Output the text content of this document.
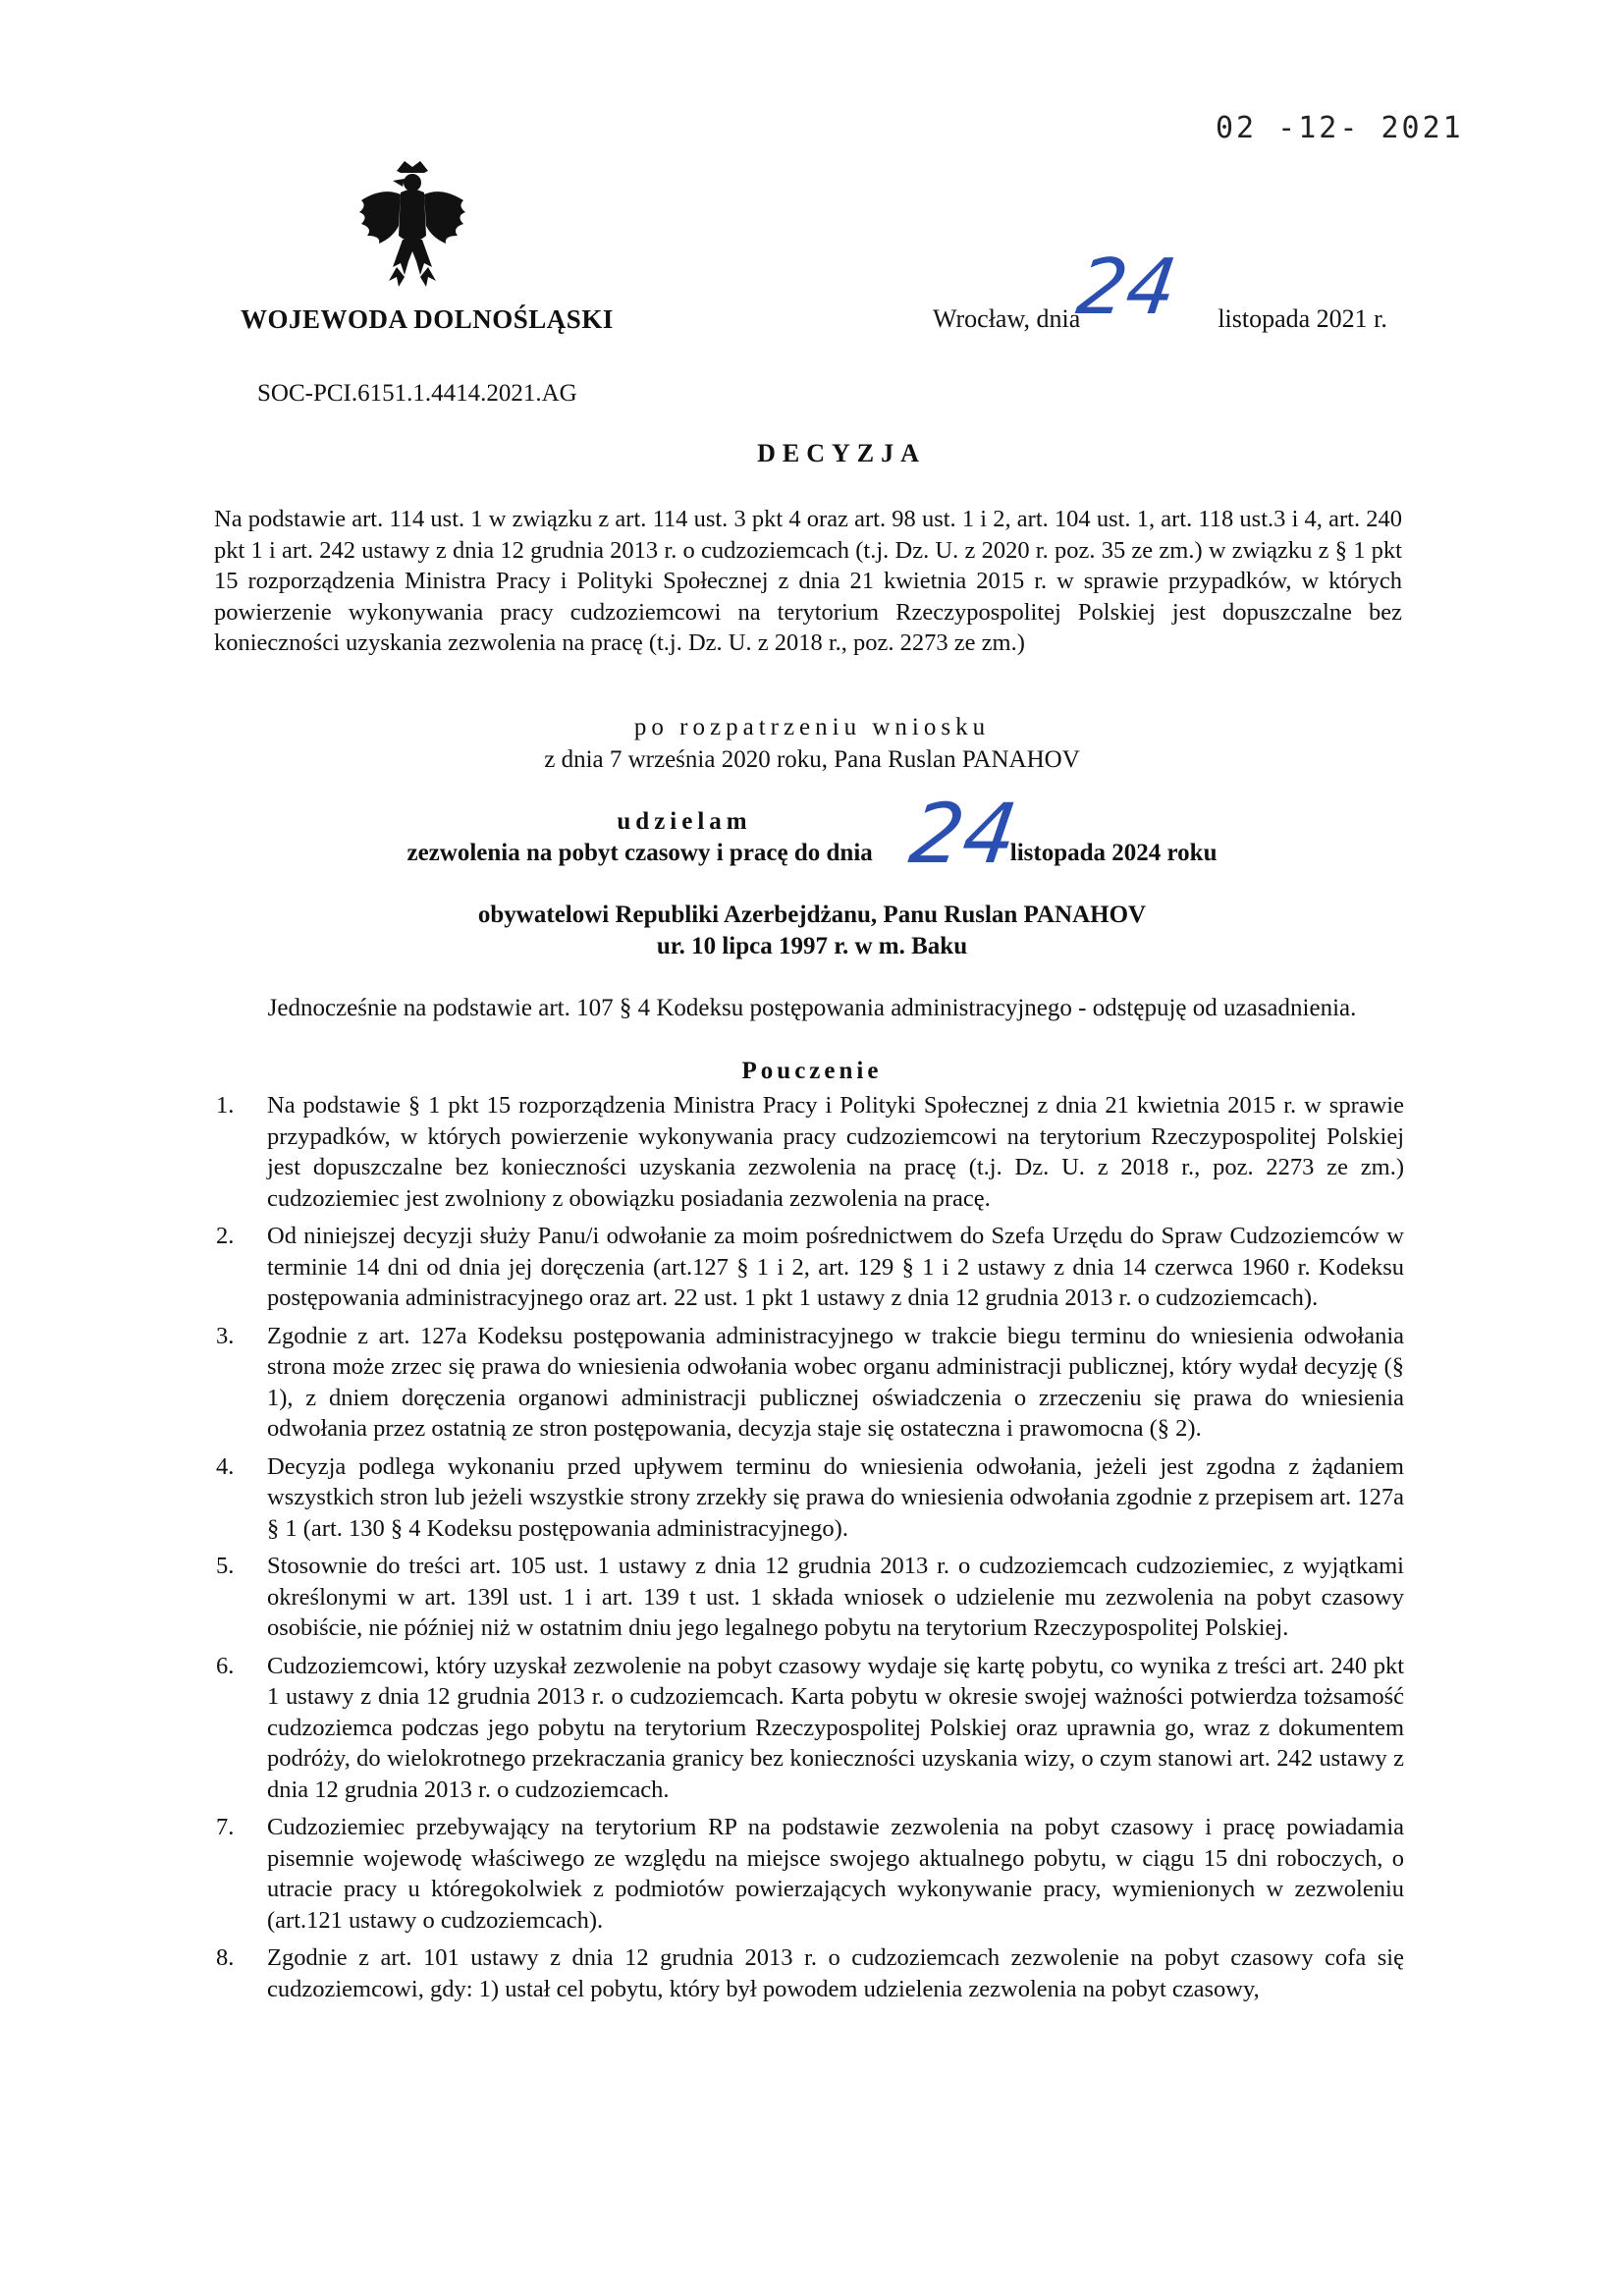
02 -12- 2021
WOJEWODA DOLNOŚLĄSKI	Wrocław, dnia	listopada 2021 r.
24
SOC-PCI.6151.1.4414.2021.AG
DECYZJA
Na podstawie art. 114 ust. 1 w związku z art. 114 ust. 3 pkt 4 oraz art. 98 ust. 1 i 2, art. 104 ust. 1, art. 118 ust.3 i 4, art. 240 pkt 1 i art. 242 ustawy z dnia 12 grudnia 2013 r. o cudzoziemcach (t.j. Dz. U. z 2020 r. poz. 35 ze zm.) w związku z § 1 pkt 15 rozporządzenia Ministra Pracy i Polityki Społecznej z dnia 21 kwietnia 2015 r. w sprawie przypadków, w których powierzenie wykonywania pracy cudzoziemcowi na terytorium Rzeczypospolitej Polskiej jest dopuszczalne bez konieczności uzyskania zezwolenia na pracę (t.j. Dz. U. z 2018 r., poz. 2273 ze zm.)
po rozpatrzeniu wniosku
z dnia 7 września 2020 roku, Pana Ruslan PANAHOV
udzielam
zezwolenia na pobyt czasowy i pracę do dnia	listopada 2024 roku
24
obywatelowi Republiki Azerbejdżanu, Panu Ruslan PANAHOV
ur. 10 lipca 1997 r. w m. Baku
Jednocześnie na podstawie art. 107 § 4 Kodeksu postępowania administracyjnego - odstępuję od uzasadnienia.
Pouczenie
1. Na podstawie § 1 pkt 15 rozporządzenia Ministra Pracy i Polityki Społecznej z dnia 21 kwietnia 2015 r. w sprawie przypadków, w których powierzenie wykonywania pracy cudzoziemcowi na terytorium Rzeczypospolitej Polskiej jest dopuszczalne bez konieczności uzyskania zezwolenia na pracę (t.j. Dz. U. z 2018 r., poz. 2273 ze zm.) cudzoziemiec jest zwolniony z obowiązku posiadania zezwolenia na pracę.
2. Od niniejszej decyzji służy Panu/i odwołanie za moim pośrednictwem do Szefa Urzędu do Spraw Cudzoziemców w terminie 14 dni od dnia jej doręczenia (art.127 § 1 i 2, art. 129 § 1 i 2 ustawy z dnia 14 czerwca 1960 r. Kodeksu postępowania administracyjnego oraz art. 22 ust. 1 pkt 1 ustawy z dnia 12 grudnia 2013 r. o cudzoziemcach).
3. Zgodnie z art. 127a Kodeksu postępowania administracyjnego w trakcie biegu terminu do wniesienia odwołania strona może zrzec się prawa do wniesienia odwołania wobec organu administracji publicznej, który wydał decyzję (§ 1), z dniem doręczenia organowi administracji publicznej oświadczenia o zrzeczeniu się prawa do wniesienia odwołania przez ostatnią ze stron postępowania, decyzja staje się ostateczna i prawomocna (§ 2).
4. Decyzja podlega wykonaniu przed upływem terminu do wniesienia odwołania, jeżeli jest zgodna z żądaniem wszystkich stron lub jeżeli wszystkie strony zrzekły się prawa do wniesienia odwołania zgodnie z przepisem art. 127a § 1 (art. 130 § 4 Kodeksu postępowania administracyjnego).
5. Stosownie do treści art. 105 ust. 1 ustawy z dnia 12 grudnia 2013 r. o cudzoziemcach cudzoziemiec, z wyjątkami określonymi w art. 139l ust. 1 i art. 139 t ust. 1 składa wniosek o udzielenie mu zezwolenia na pobyt czasowy osobiście, nie później niż w ostatnim dniu jego legalnego pobytu na terytorium Rzeczypospolitej Polskiej.
6. Cudzoziemcowi, który uzyskał zezwolenie na pobyt czasowy wydaje się kartę pobytu, co wynika z treści art. 240 pkt 1 ustawy z dnia 12 grudnia 2013 r. o cudzoziemcach. Karta pobytu w okresie swojej ważności potwierdza tożsamość cudzoziemca podczas jego pobytu na terytorium Rzeczypospolitej Polskiej oraz uprawnia go, wraz z dokumentem podróży, do wielokrotnego przekraczania granicy bez konieczności uzyskania wizy, o czym stanowi art. 242 ustawy z dnia 12 grudnia 2013 r. o cudzoziemcach.
7. Cudzoziemiec przebywający na terytorium RP na podstawie zezwolenia na pobyt czasowy i pracę powiadamia pisemnie wojewodę właściwego ze względu na miejsce swojego aktualnego pobytu, w ciągu 15 dni roboczych, o utracie pracy u któregokolwiek z podmiotów powierzających wykonywanie pracy, wymienionych w zezwoleniu (art.121 ustawy o cudzoziemcach).
8. Zgodnie z art. 101 ustawy z dnia 12 grudnia 2013 r. o cudzoziemcach zezwolenie na pobyt czasowy cofa się cudzoziemcowi, gdy: 1) ustał cel pobytu, który był powodem udzielenia zezwolenia na pobyt czasowy,
